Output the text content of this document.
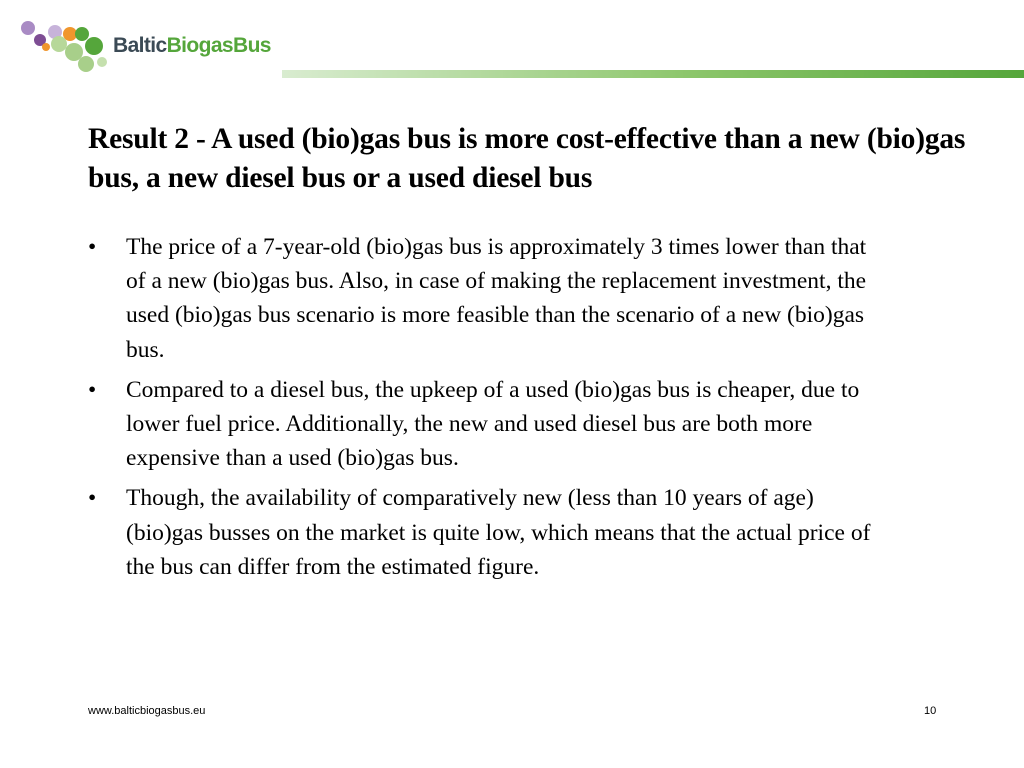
BalticBiogasBus
Result 2 - A used (bio)gas bus is more cost-effective than a new (bio)gas bus, a new diesel bus or a used diesel bus
• The price of a 7-year-old (bio)gas bus is approximately 3 times lower than that of a new (bio)gas bus. Also, in case of making the replacement investment, the used (bio)gas bus scenario is more feasible than the scenario of a new (bio)gas bus.
• Compared to a diesel bus, the upkeep of a used (bio)gas bus is cheaper, due to lower fuel price. Additionally, the new and used diesel bus are both more expensive than a used (bio)gas bus.
• Though, the availability of comparatively new (less than 10 years of age) (bio)gas busses on the market is quite low, which means that the actual price of the bus can differ from the estimated figure.
www.balticbiogasbus.eu	10
